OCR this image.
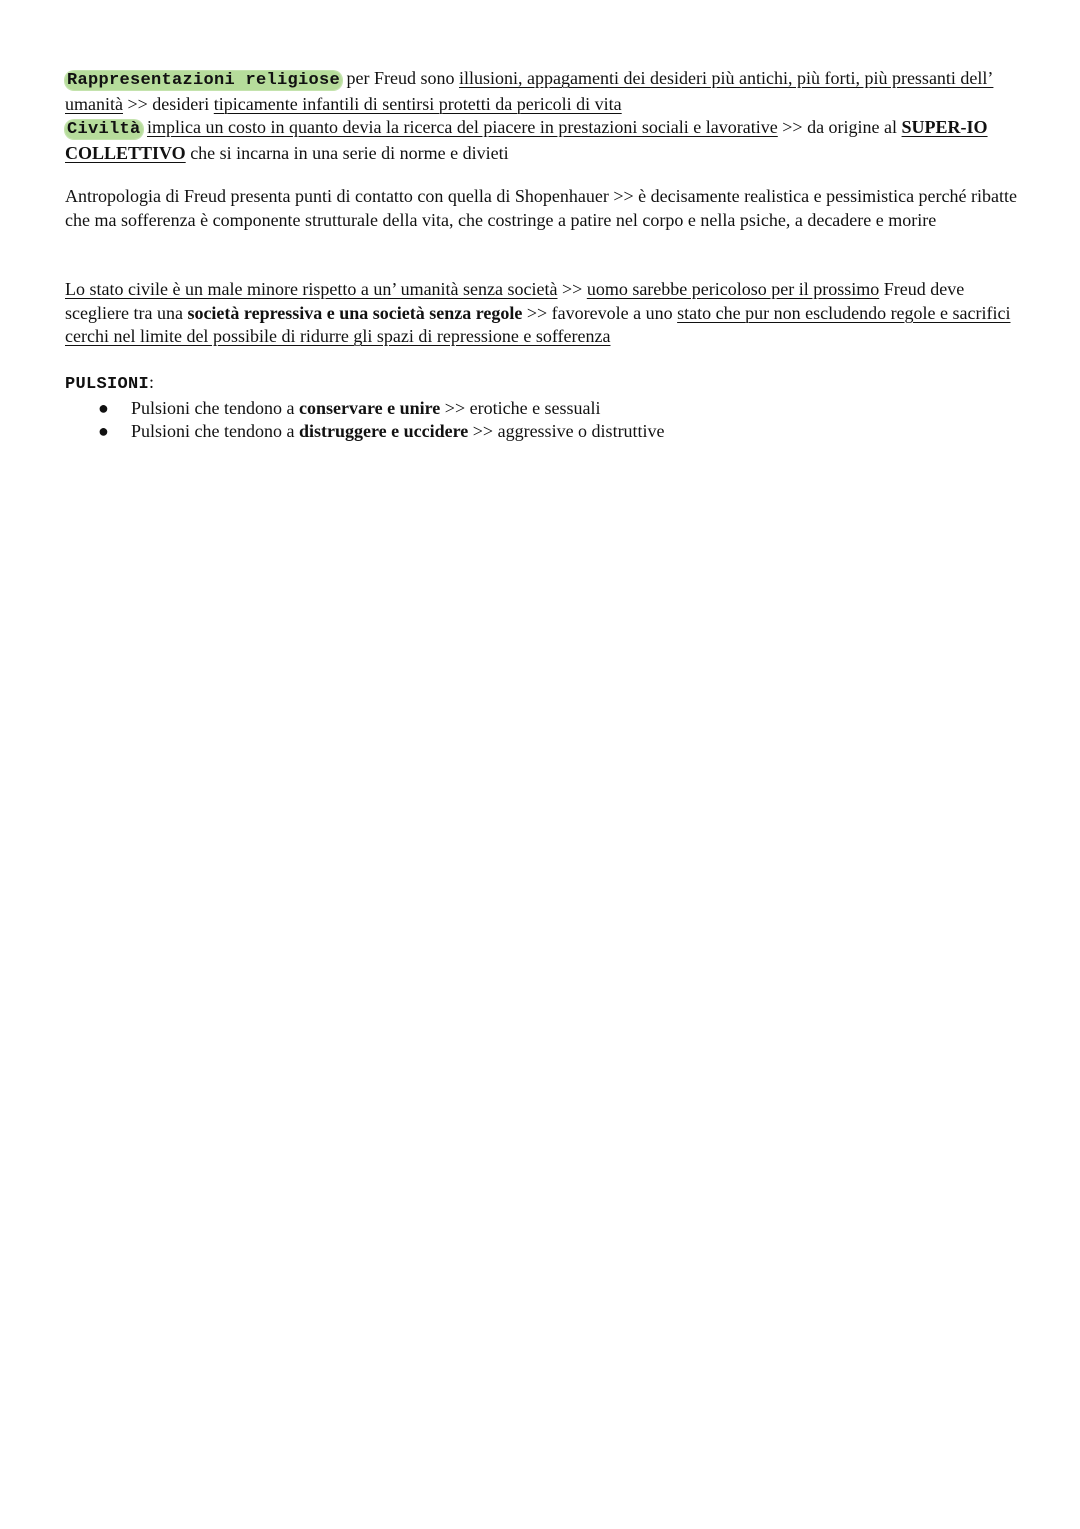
Rappresentazioni religiose per Freud sono illusioni, appagamenti dei desideri più antichi, più forti, più pressanti dell’ umanità >> desideri tipicamente infantili di sentirsi protetti da pericoli di vita

Civiltà implica un costo in quanto devia la ricerca del piacere in prestazioni sociali e lavorative >> da origine al SUPER-IO COLLETTIVO che si incarna in una serie di norme e divieti

Antropologia di Freud presenta punti di contatto con quella di Shopenhauer >> è decisamente realistica e pessimistica perché ribatte che ma sofferenza è componente strutturale della vita, che costringe a patire nel corpo e nella psiche, a decadere e morire

Lo stato civile è un male minore rispetto a un’ umanità senza società >> uomo sarebbe pericoloso per il prossimo Freud deve scegliere tra una società repressiva e una società senza regole >> favorevole a uno stato che pur non escludendo regole e sacrifici cerchi nel limite del possibile di ridurre gli spazi di repressione e sofferenza

PULSIONI:

● Pulsioni che tendono a conservare e unire >> erotiche e sessuali
● Pulsioni che tendono a distruggere e uccidere >> aggressive o distruttive
